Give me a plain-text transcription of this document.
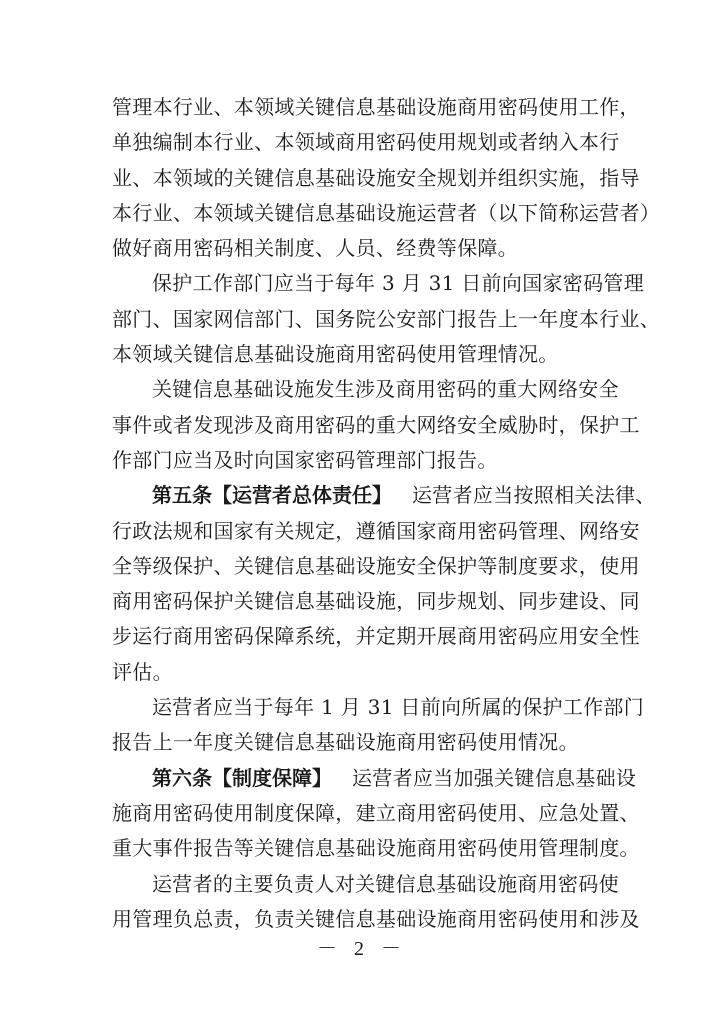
管理本行业、本领域关键信息基础设施商用密码使用工作，
单独编制本行业、本领域商用密码使用规划或者纳入本行
业、本领域的关键信息基础设施安全规划并组织实施，指导
本行业、本领域关键信息基础设施运营者（以下简称运营者）
做好商用密码相关制度、人员、经费等保障。
保护工作部门应当于每年 3 月 31 日前向国家密码管理
部门、国家网信部门、国务院公安部门报告上一年度本行业、
本领域关键信息基础设施商用密码使用管理情况。
关键信息基础设施发生涉及商用密码的重大网络安全
事件或者发现涉及商用密码的重大网络安全威胁时，保护工
作部门应当及时向国家密码管理部门报告。
第五条【运营者总体责任】 运营者应当按照相关法律、
行政法规和国家有关规定，遵循国家商用密码管理、网络安
全等级保护、关键信息基础设施安全保护等制度要求，使用
商用密码保护关键信息基础设施，同步规划、同步建设、同
步运行商用密码保障系统，并定期开展商用密码应用安全性
评估。
运营者应当于每年 1 月 31 日前向所属的保护工作部门
报告上一年度关键信息基础设施商用密码使用情况。
第六条【制度保障】 运营者应当加强关键信息基础设
施商用密码使用制度保障，建立商用密码使用、应急处置、
重大事件报告等关键信息基础设施商用密码使用管理制度。
运营者的主要负责人对关键信息基础设施商用密码使
用管理负总责，负责关键信息基础设施商用密码使用和涉及
－ 2 －
